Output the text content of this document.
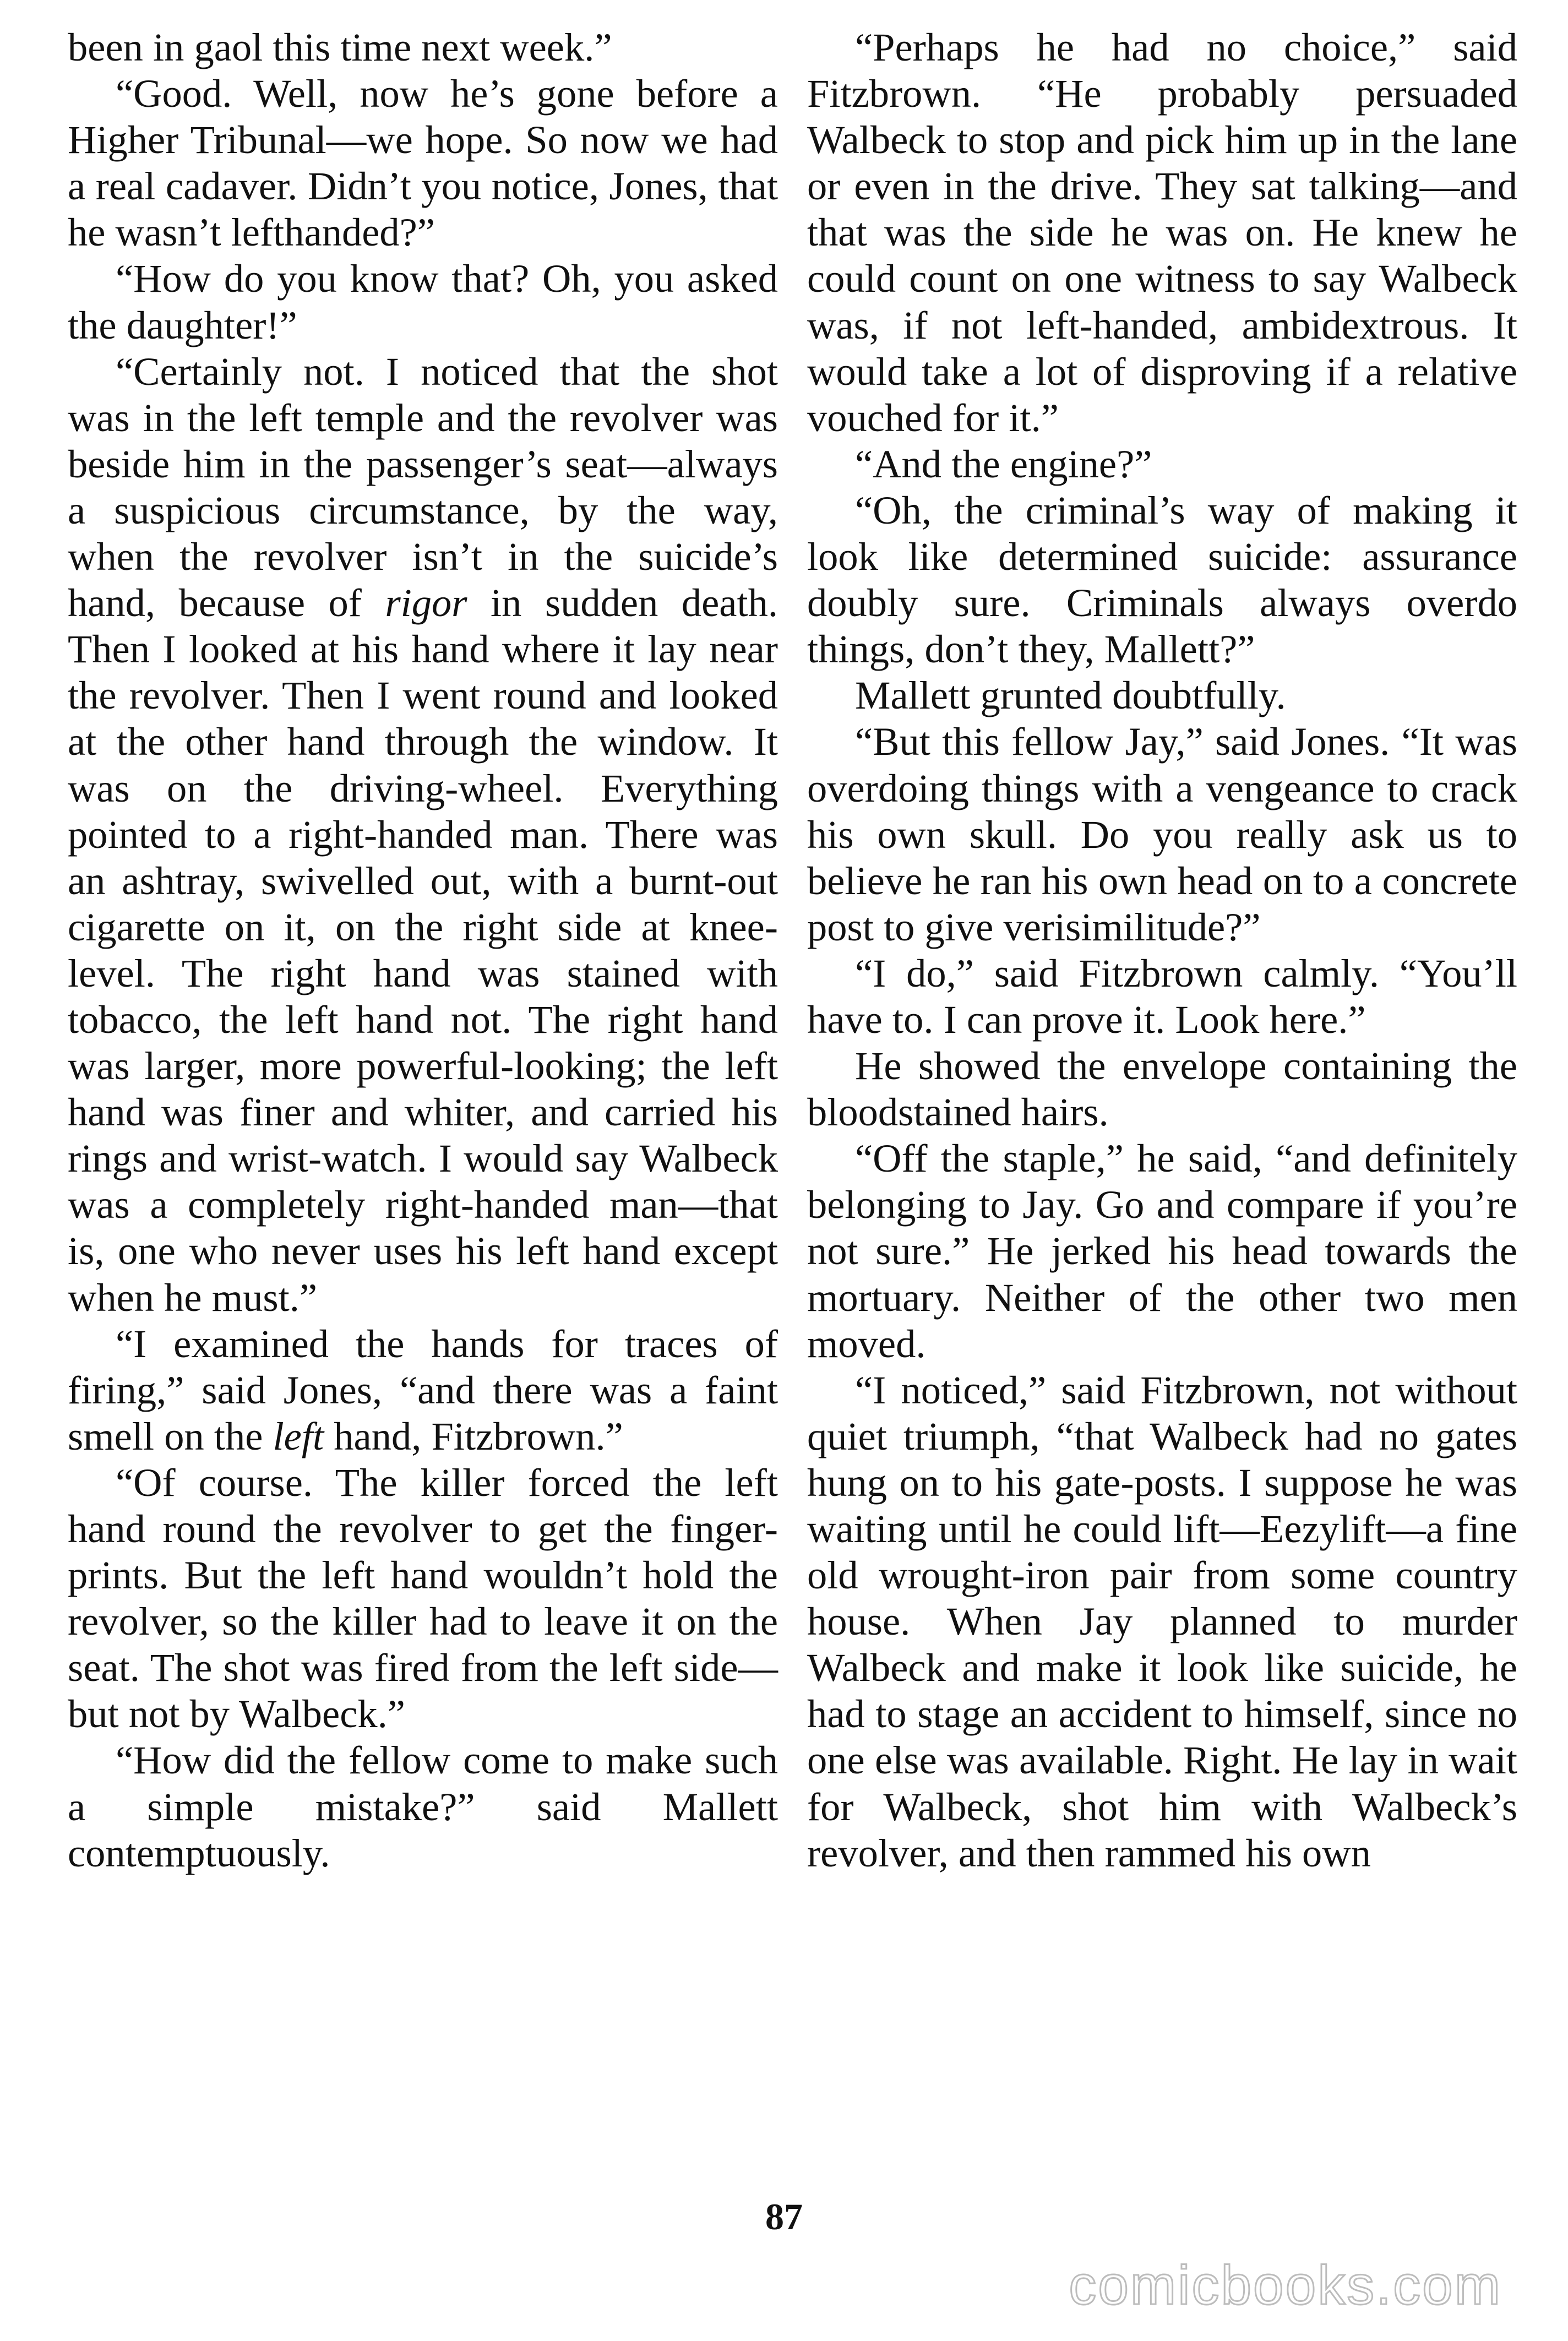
been in gaol this time next week.”

“Good. Well, now he’s gone before a Higher Tribunal—we hope. So now we had a real cadaver. Didn’t you notice, Jones, that he wasn’t lefthanded?”

“How do you know that? Oh, you asked the daughter!”

“Certainly not. I noticed that the shot was in the left temple and the revolver was beside him in the passenger’s seat—always a suspicious circumstance, by the way, when the revolver isn’t in the suicide’s hand, because of rigor in sudden death. Then I looked at his hand where it lay near the revolver. Then I went round and looked at the other hand through the window. It was on the driving-wheel. Everything pointed to a right-handed man. There was an ashtray, swivelled out, with a burnt-out cigarette on it, on the right side at knee-level. The right hand was stained with tobacco, the left hand not. The right hand was larger, more powerful-looking; the left hand was finer and whiter, and carried his rings and wrist-watch. I would say Walbeck was a completely right-handed man—that is, one who never uses his left hand except when he must.”

“I examined the hands for traces of firing,” said Jones, “and there was a faint smell on the left hand, Fitzbrown.”

“Of course. The killer forced the left hand round the revolver to get the finger-prints. But the left hand wouldn’t hold the revolver, so the killer had to leave it on the seat. The shot was fired from the left side—but not by Walbeck.”

“How did the fellow come to make such a simple mistake?” said Mallett contemptuously.

“Perhaps he had no choice,” said Fitzbrown. “He probably persuaded Walbeck to stop and pick him up in the lane or even in the drive. They sat talking—and that was the side he was on. He knew he could count on one witness to say Walbeck was, if not left-handed, ambidextrous. It would take a lot of disproving if a relative vouched for it.”

“And the engine?”

“Oh, the criminal’s way of making it look like determined suicide: assurance doubly sure. Criminals always overdo things, don’t they, Mallett?”

Mallett grunted doubtfully.

“But this fellow Jay,” said Jones. “It was overdoing things with a vengeance to crack his own skull. Do you really ask us to believe he ran his own head on to a concrete post to give verisimilitude?”

“I do,” said Fitzbrown calmly. “You’ll have to. I can prove it. Look here.”

He showed the envelope containing the bloodstained hairs.

“Off the staple,” he said, “and definitely belonging to Jay. Go and compare if you’re not sure.” He jerked his head towards the mortuary. Neither of the other two men moved.

“I noticed,” said Fitzbrown, not without quiet triumph, “that Walbeck had no gates hung on to his gate-posts. I suppose he was waiting until he could lift—Eezylift—a fine old wrought-iron pair from some country house. When Jay planned to murder Walbeck and make it look like suicide, he had to stage an accident to himself, since no one else was available. Right. He lay in wait for Walbeck, shot him with Walbeck’s revolver, and then rammed his own

87
comicbooks.com
